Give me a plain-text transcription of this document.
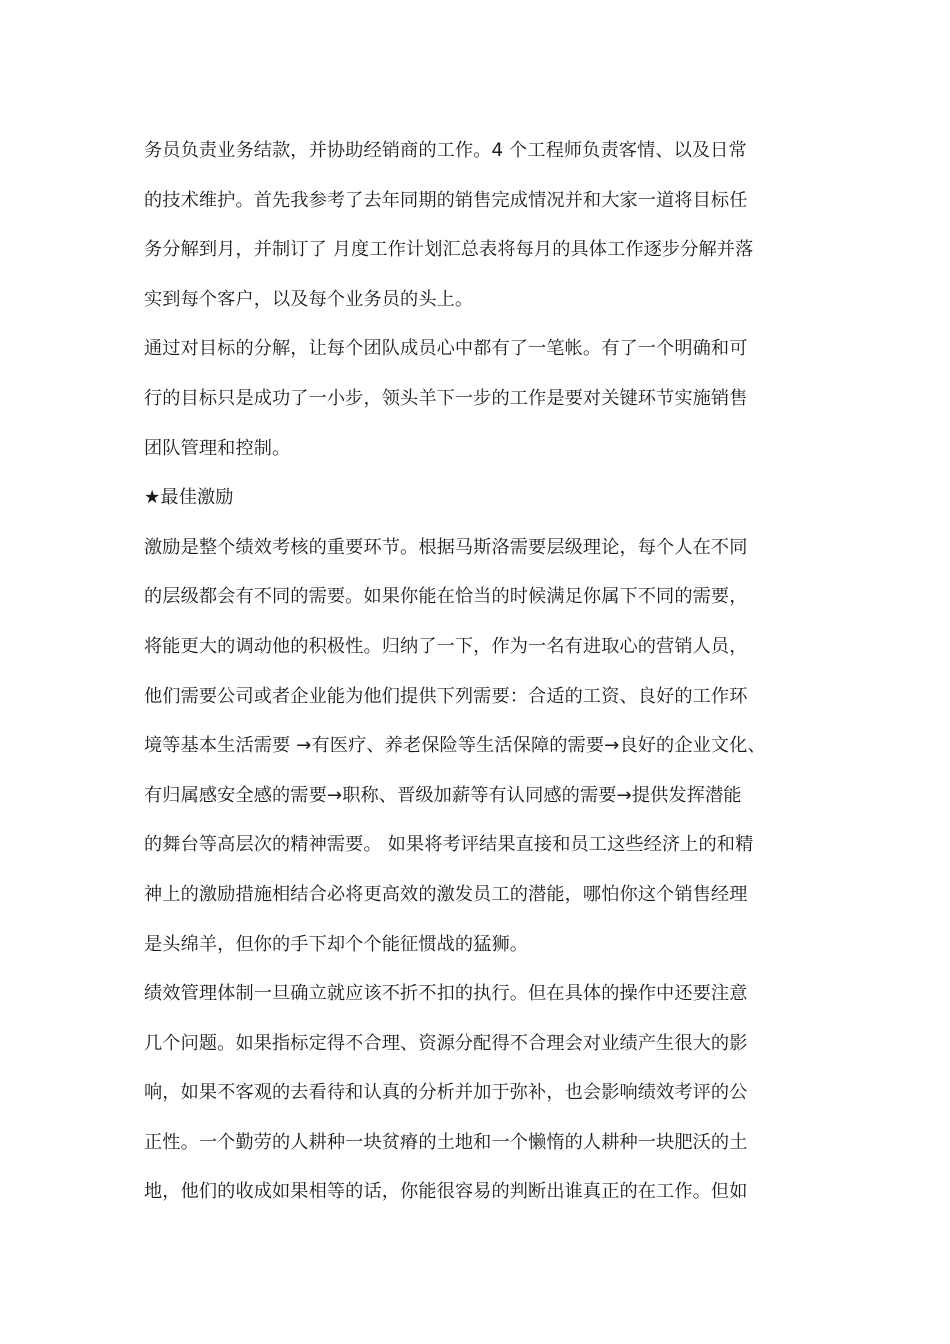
务员负责业务结款，并协助经销商的工作。4 个工程师负责客情、以及日常
的技术维护。首先我参考了去年同期的销售完成情况并和大家一道将目标任
务分解到月，并制订了 月度工作计划汇总表将每月的具体工作逐步分解并落
实到每个客户，以及每个业务员的头上。
通过对目标的分解，让每个团队成员心中都有了一笔帐。有了一个明确和可
行的目标只是成功了一小步，领头羊下一步的工作是要对关键环节实施销售
团队管理和控制。
★最佳激励
激励是整个绩效考核的重要环节。根据马斯洛需要层级理论，每个人在不同
的层级都会有不同的需要。如果你能在恰当的时候满足你属下不同的需要，
将能更大的调动他的积极性。归纳了一下，作为一名有进取心的营销人员，
他们需要公司或者企业能为他们提供下列需要：合适的工资、良好的工作环
境等基本生活需要 →有医疗、养老保险等生活保障的需要→良好的企业文化、
有归属感安全感的需要→职称、晋级加薪等有认同感的需要→提供发挥潜能
的舞台等高层次的精神需要。 如果将考评结果直接和员工这些经济上的和精
神上的激励措施相结合必将更高效的激发员工的潜能，哪怕你这个销售经理
是头绵羊，但你的手下却个个能征惯战的猛狮。
绩效管理体制一旦确立就应该不折不扣的执行。但在具体的操作中还要注意
几个问题。如果指标定得不合理、资源分配得不合理会对业绩产生很大的影
响，如果不客观的去看待和认真的分析并加于弥补，也会影响绩效考评的公
正性。一个勤劳的人耕种一块贫瘠的土地和一个懒惰的人耕种一块肥沃的土
地，他们的收成如果相等的话，你能很容易的判断出谁真正的在工作。但如
